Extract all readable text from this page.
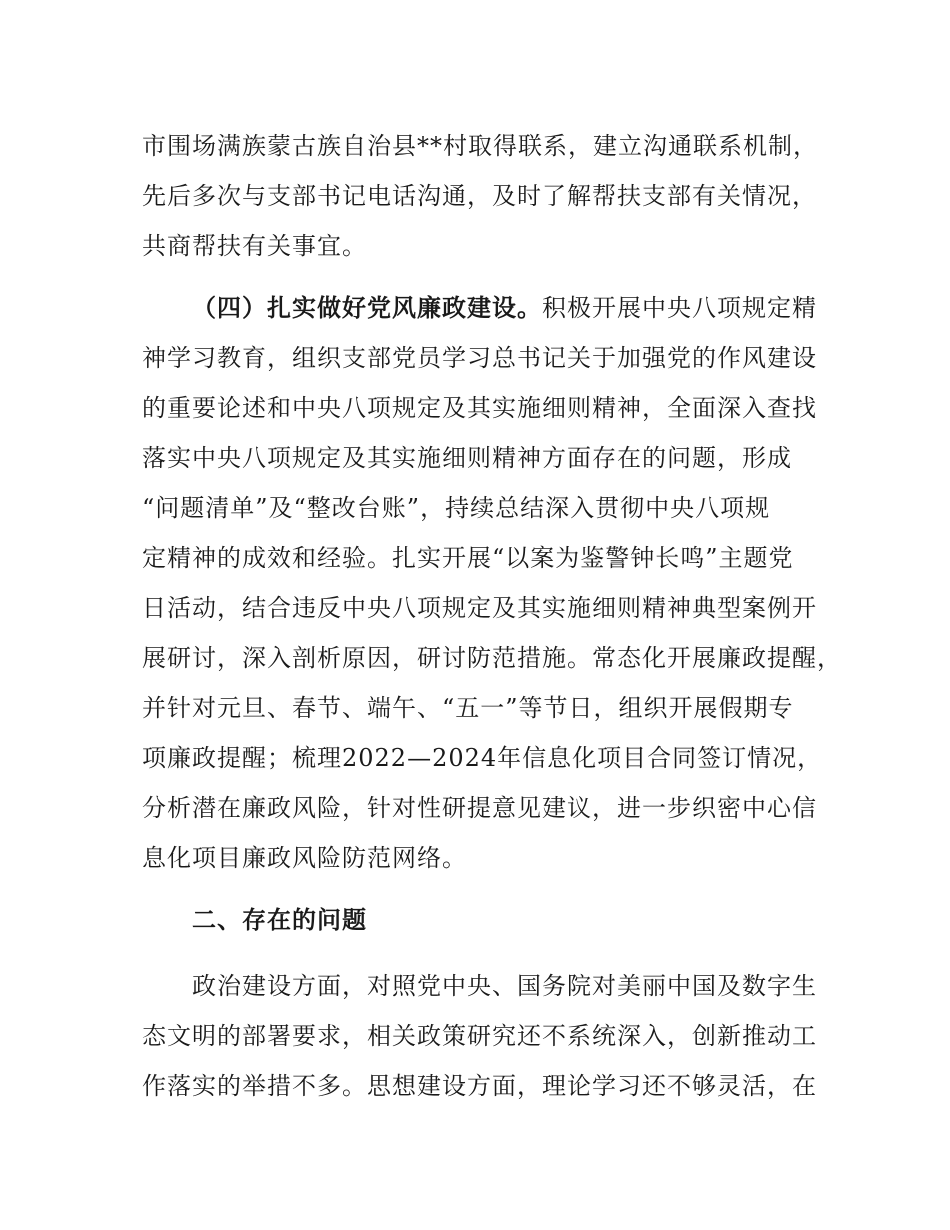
市围场满族蒙古族自治县**村取得联系，建立沟通联系机制，
先后多次与支部书记电话沟通，及时了解帮扶支部有关情况，
共商帮扶有关事宜。
（四）扎实做好党风廉政建设。积极开展中央八项规定精
神学习教育，组织支部党员学习总书记关于加强党的作风建设
的重要论述和中央八项规定及其实施细则精神，全面深入查找
落实中央八项规定及其实施细则精神方面存在的问题，形成
“问题清单”及“整改台账”，持续总结深入贯彻中央八项规
定精神的成效和经验。扎实开展“以案为鉴警钟长鸣”主题党
日活动，结合违反中央八项规定及其实施细则精神典型案例开
展研讨，深入剖析原因，研讨防范措施。常态化开展廉政提醒，
并针对元旦、春节、端午、“五一”等节日，组织开展假期专
项廉政提醒；梳理2022—2024年信息化项目合同签订情况，
分析潜在廉政风险，针对性研提意见建议，进一步织密中心信
息化项目廉政风险防范网络。
二、存在的问题
政治建设方面，对照党中央、国务院对美丽中国及数字生
态文明的部署要求，相关政策研究还不系统深入，创新推动工
作落实的举措不多。思想建设方面，理论学习还不够灵活，在
